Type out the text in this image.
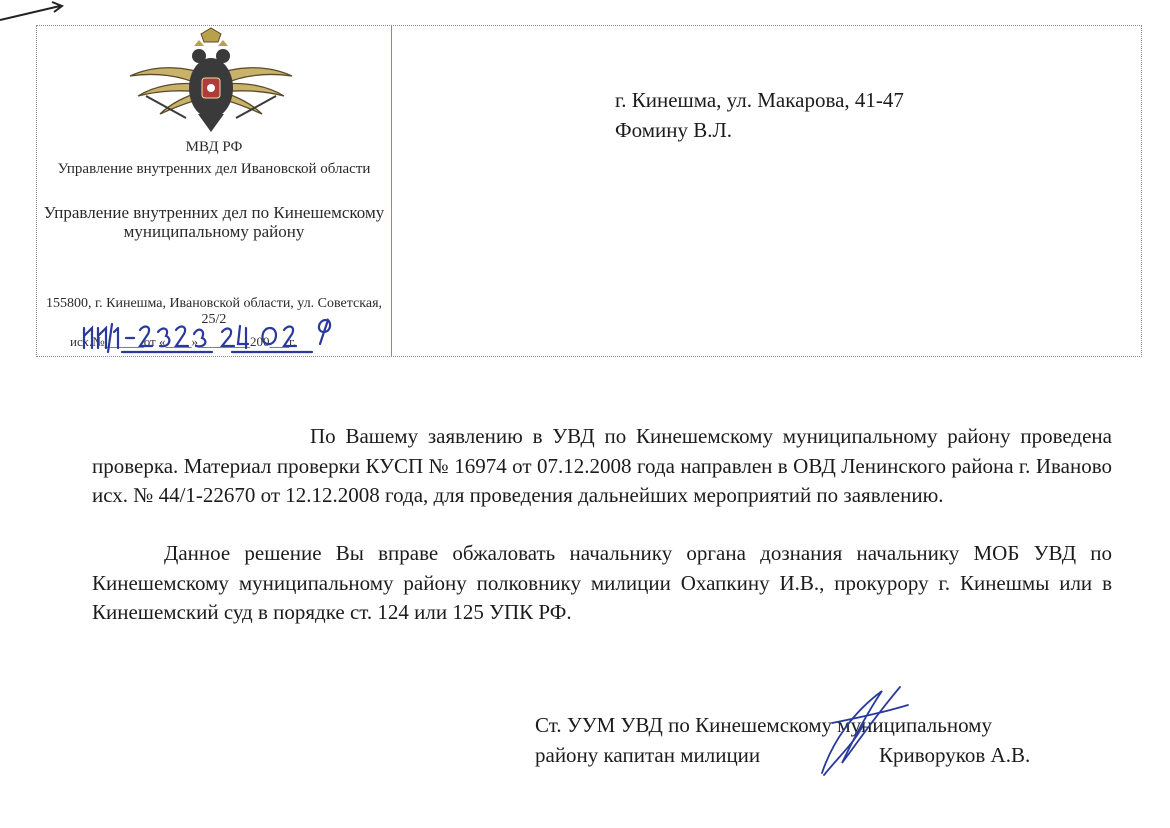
МВД РФ
Управление внутренних дел Ивановской области
Управление внутренних дел по Кинешемскому муниципальному району
155800, г. Кинешма, Ивановской области, ул. Советская, 25/2
исх.№______от «____»________200___г.
г. Кинешма, ул. Макарова, 41-47
Фомину В.Л.
По Вашему заявлению в УВД по Кинешемскому муниципальному району проведена проверка. Материал проверки КУСП № 16974 от 07.12.2008 года направлен в ОВД Ленинского района г. Иваново исх. № 44/1-22670 от 12.12.2008 года, для проведения дальнейших мероприятий по заявлению.
Данное решение Вы вправе обжаловать начальнику органа дознания начальнику МОБ УВД по Кинешемскому муниципальному району полковнику милиции Охапкину И.В., прокурору г. Кинешмы или в Кинешемский суд в порядке ст. 124 или 125 УПК РФ.
Ст. УУМ УВД по Кинешемскому муниципальному
району капитан милиции	Криворуков А.В.
